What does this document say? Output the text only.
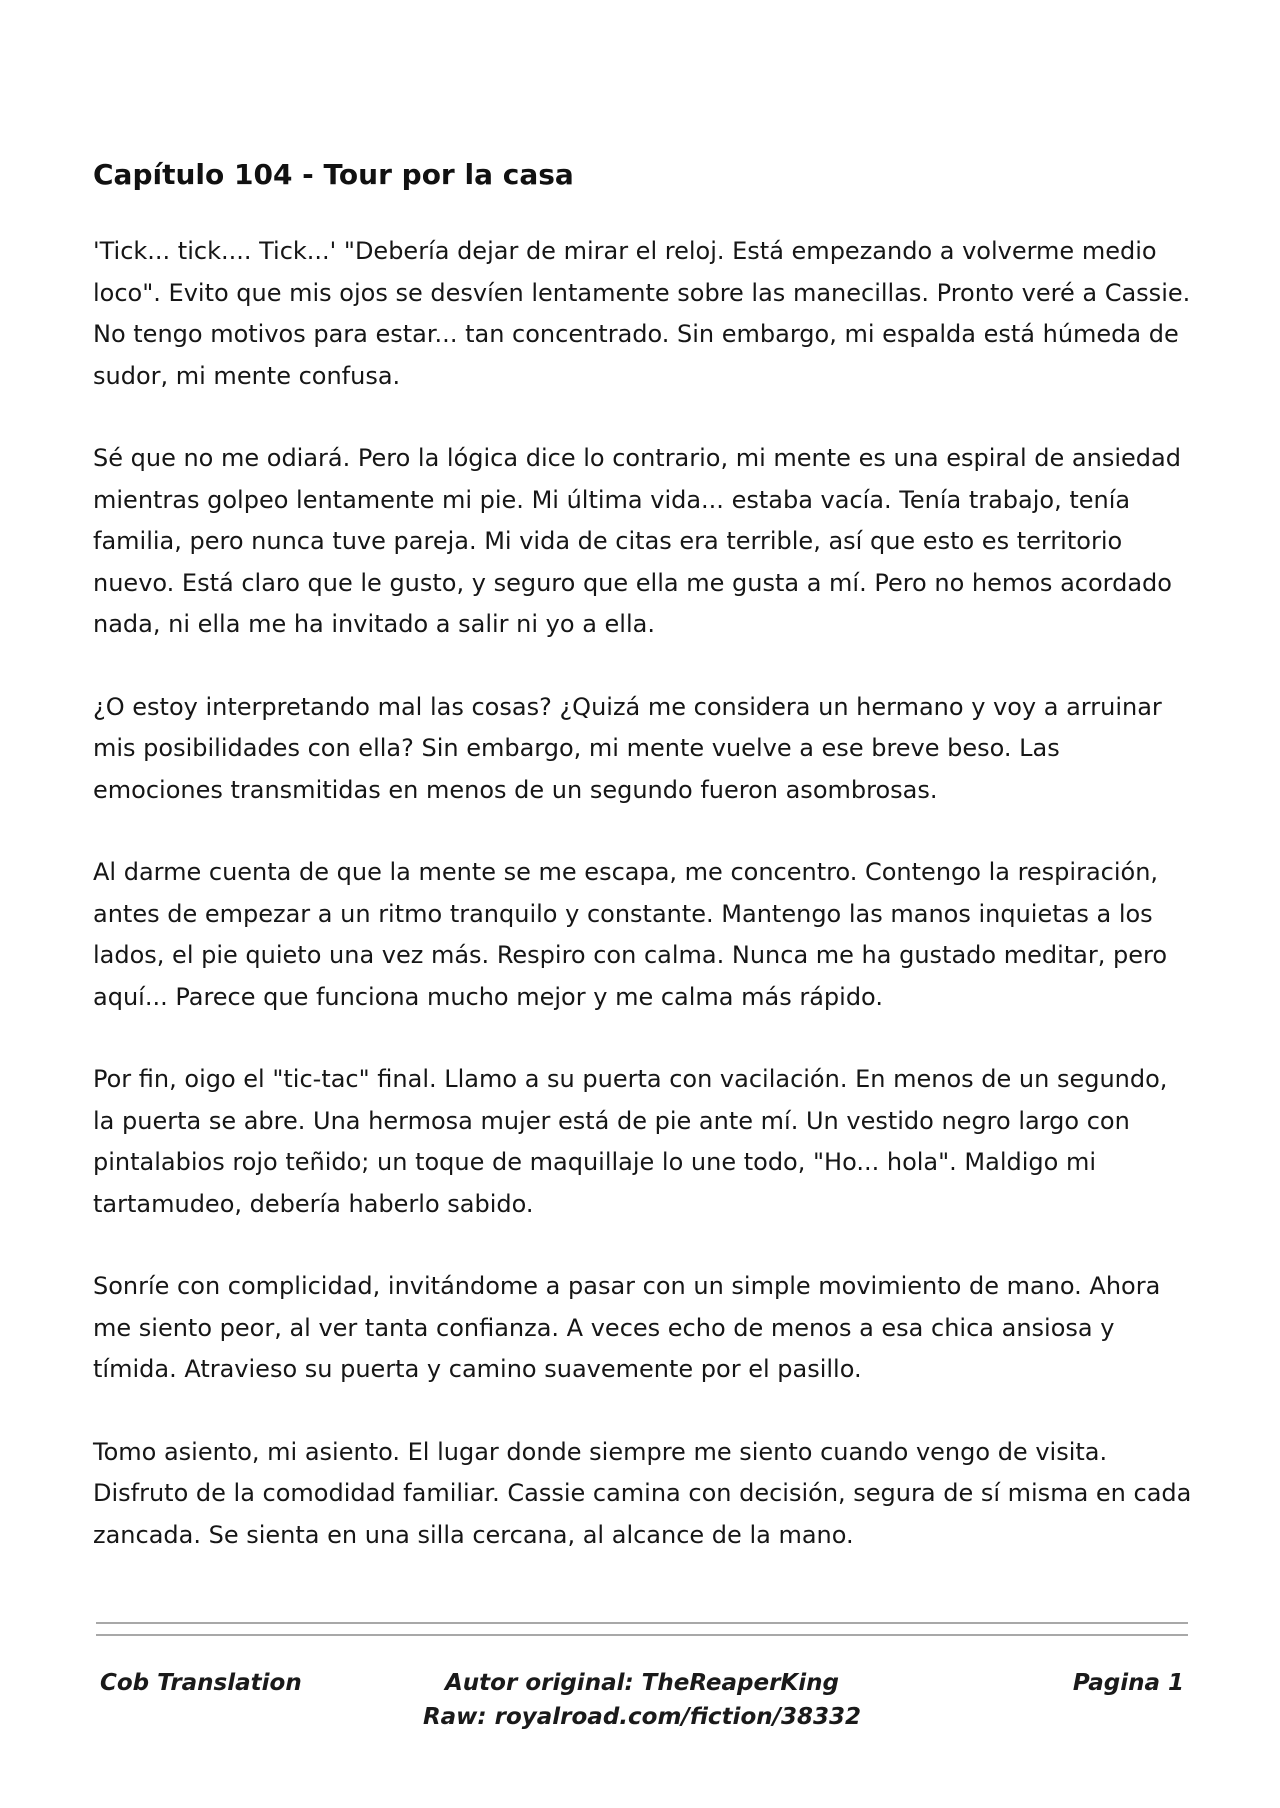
Capítulo 104 - Tour por la casa

'Tick... tick.... Tick...' "Debería dejar de mirar el reloj. Está empezando a volverme medio loco". Evito que mis ojos se desvíen lentamente sobre las manecillas. Pronto veré a Cassie. No tengo motivos para estar... tan concentrado. Sin embargo, mi espalda está húmeda de sudor, mi mente confusa.

Sé que no me odiará. Pero la lógica dice lo contrario, mi mente es una espiral de ansiedad mientras golpeo lentamente mi pie. Mi última vida... estaba vacía. Tenía trabajo, tenía familia, pero nunca tuve pareja. Mi vida de citas era terrible, así que esto es territorio nuevo. Está claro que le gusto, y seguro que ella me gusta a mí. Pero no hemos acordado nada, ni ella me ha invitado a salir ni yo a ella.

¿O estoy interpretando mal las cosas? ¿Quizá me considera un hermano y voy a arruinar mis posibilidades con ella? Sin embargo, mi mente vuelve a ese breve beso. Las emociones transmitidas en menos de un segundo fueron asombrosas.

Al darme cuenta de que la mente se me escapa, me concentro. Contengo la respiración, antes de empezar a un ritmo tranquilo y constante. Mantengo las manos inquietas a los lados, el pie quieto una vez más. Respiro con calma. Nunca me ha gustado meditar, pero aquí... Parece que funciona mucho mejor y me calma más rápido.

Por fin, oigo el "tic-tac" final. Llamo a su puerta con vacilación. En menos de un segundo, la puerta se abre. Una hermosa mujer está de pie ante mí. Un vestido negro largo con pintalabios rojo teñido; un toque de maquillaje lo une todo, "Ho... hola". Maldigo mi tartamudeo, debería haberlo sabido.

Sonríe con complicidad, invitándome a pasar con un simple movimiento de mano. Ahora me siento peor, al ver tanta confianza. A veces echo de menos a esa chica ansiosa y tímida. Atravieso su puerta y camino suavemente por el pasillo.

Tomo asiento, mi asiento. El lugar donde siempre me siento cuando vengo de visita. Disfruto de la comodidad familiar. Cassie camina con decisión, segura de sí misma en cada zancada. Se sienta en una silla cercana, al alcance de la mano.

Cob Translation	Autor original: TheReaperKing
Raw: royalroad.com/fiction/38332
Pagina 1
